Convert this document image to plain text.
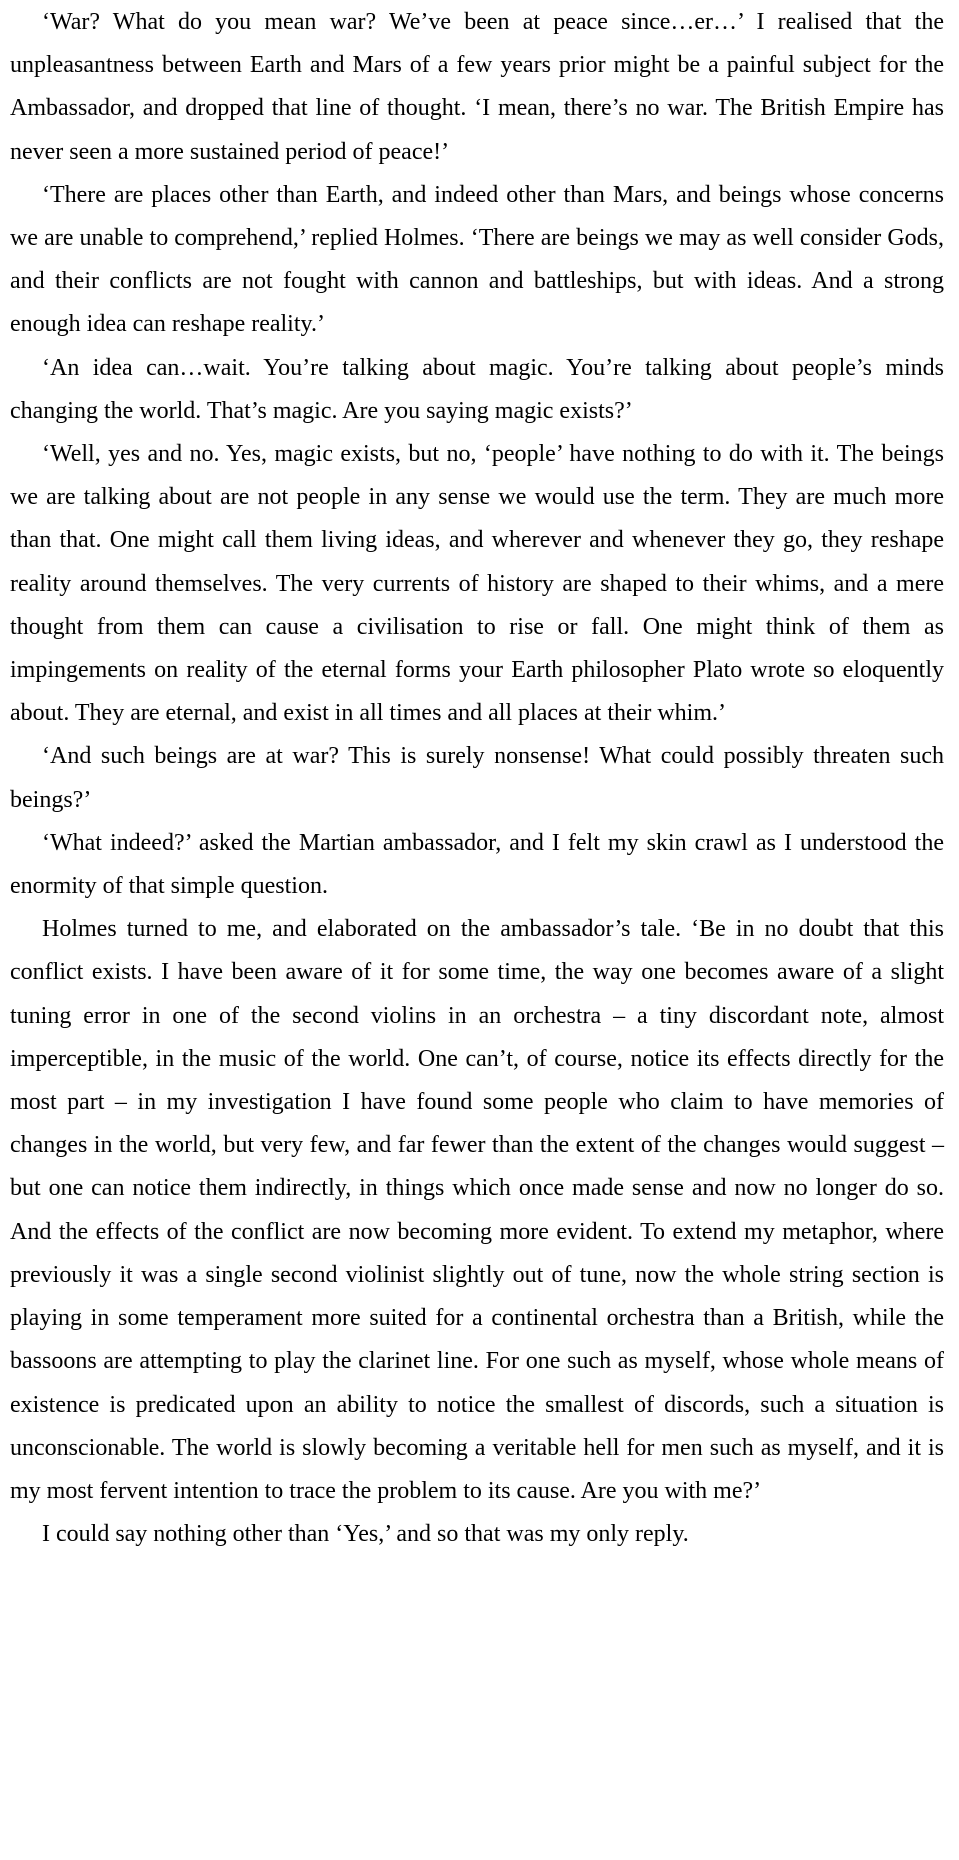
‘War? What do you mean war? We’ve been at peace since…er…’ I realised that the unpleasantness between Earth and Mars of a few years prior might be a painful subject for the Ambassador, and dropped that line of thought. ‘I mean, there’s no war. The British Empire has never seen a more sustained period of peace!’

‘There are places other than Earth, and indeed other than Mars, and beings whose concerns we are unable to comprehend,’ replied Holmes. ‘There are beings we may as well consider Gods, and their conflicts are not fought with cannon and battleships, but with ideas. And a strong enough idea can reshape reality.’

‘An idea can…wait. You’re talking about magic. You’re talking about people’s minds changing the world. That’s magic. Are you saying magic exists?’

‘Well, yes and no. Yes, magic exists, but no, ‘people’ have nothing to do with it. The beings we are talking about are not people in any sense we would use the term. They are much more than that. One might call them living ideas, and wherever and whenever they go, they reshape reality around themselves. The very currents of history are shaped to their whims, and a mere thought from them can cause a civilisation to rise or fall. One might think of them as impingements on reality of the eternal forms your Earth philosopher Plato wrote so eloquently about. They are eternal, and exist in all times and all places at their whim.’

‘And such beings are at war? This is surely nonsense! What could possibly threaten such beings?’

‘What indeed?’ asked the Martian ambassador, and I felt my skin crawl as I understood the enormity of that simple question.

Holmes turned to me, and elaborated on the ambassador’s tale. ‘Be in no doubt that this conflict exists. I have been aware of it for some time, the way one becomes aware of a slight tuning error in one of the second violins in an orchestra – a tiny discordant note, almost imperceptible, in the music of the world. One can’t, of course, notice its effects directly for the most part – in my investigation I have found some people who claim to have memories of changes in the world, but very few, and far fewer than the extent of the changes would suggest – but one can notice them indirectly, in things which once made sense and now no longer do so. And the effects of the conflict are now becoming more evident. To extend my metaphor, where previously it was a single second violinist slightly out of tune, now the whole string section is playing in some temperament more suited for a continental orchestra than a British, while the bassoons are attempting to play the clarinet line. For one such as myself, whose whole means of existence is predicated upon an ability to notice the smallest of discords, such a situation is unconscionable. The world is slowly becoming a veritable hell for men such as myself, and it is my most fervent intention to trace the problem to its cause. Are you with me?’

I could say nothing other than ‘Yes,’ and so that was my only reply.
